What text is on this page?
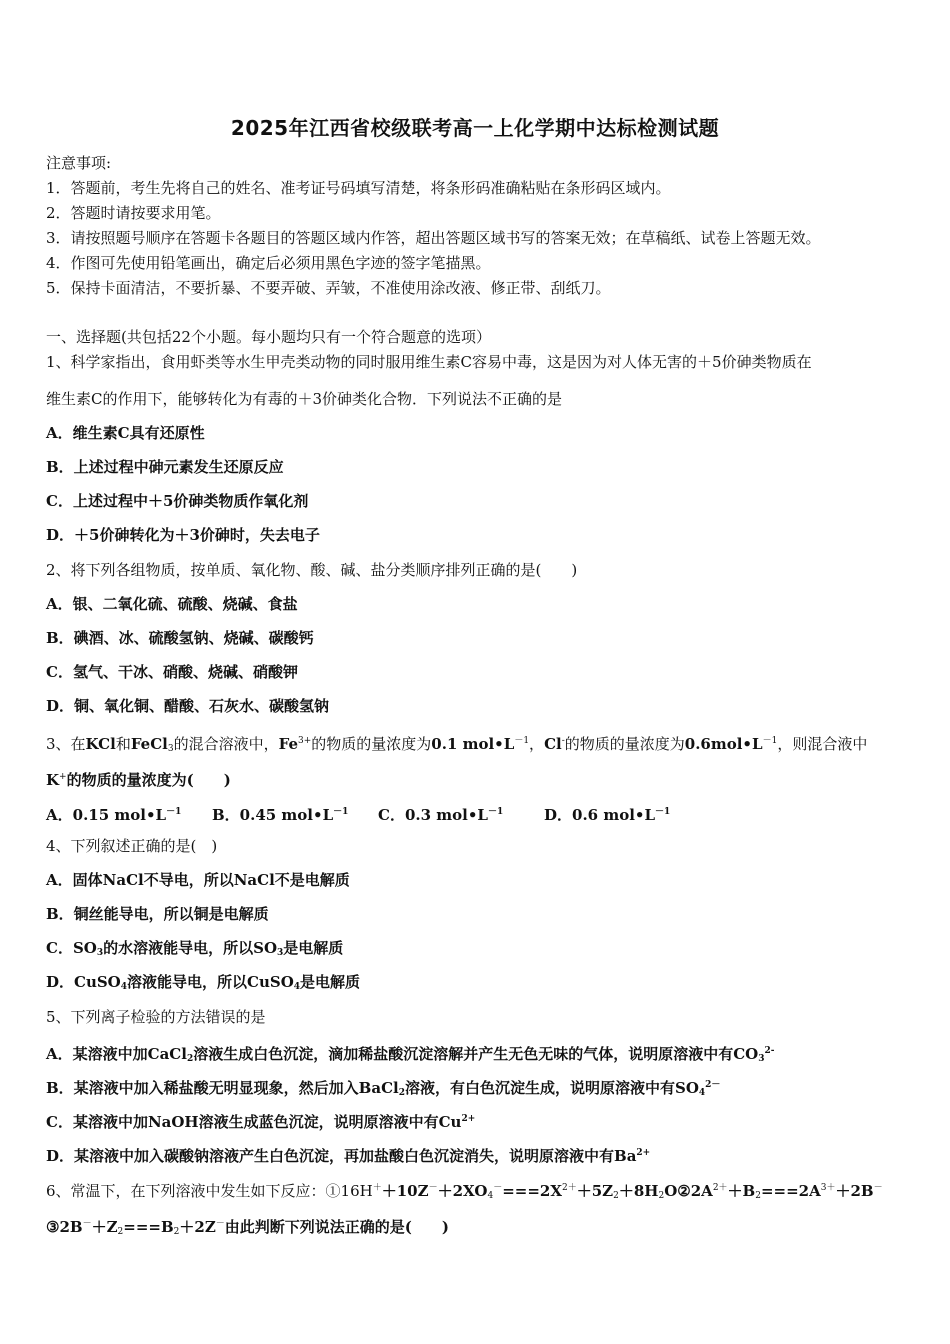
2025年江西省校级联考高一上化学期中达标检测试题
注意事项:
1．答题前，考生先将自己的姓名、准考证号码填写清楚，将条形码准确粘贴在条形码区域内。
2．答题时请按要求用笔。
3．请按照题号顺序在答题卡各题目的答题区域内作答，超出答题区域书写的答案无效；在草稿纸、试卷上答题无效。
4．作图可先使用铅笔画出，确定后必须用黑色字迹的签字笔描黑。
5．保持卡面清洁，不要折暴、不要弄破、弄皱，不准使用涂改液、修正带、刮纸刀。
一、选择题(共包括22个小题。每小题均只有一个符合题意的选项）
1、科学家指出，食用虾类等水生甲壳类动物的同时服用维生素C容易中毒，这是因为对人体无害的＋5价砷类物质在
维生素C的作用下，能够转化为有毒的＋3价砷类化合物．下列说法不正确的是
A．维生素C具有还原性
B．上述过程中砷元素发生还原反应
C．上述过程中＋5价砷类物质作氧化剂
D．＋5价砷转化为＋3价砷时，失去电子
2、将下列各组物质，按单质、氧化物、酸、碱、盐分类顺序排列正确的是(　　)
A．银、二氧化硫、硫酸、烧碱、食盐
B．碘酒、冰、硫酸氢钠、烧碱、碳酸钙
C．氢气、干冰、硝酸、烧碱、硝酸钾
D．铜、氧化铜、醋酸、石灰水、碳酸氢钠
3、在KCl和FeCl$_3$的混合溶液中，$Fe^{3+}$的物质的量浓度为0.1 $mol•L^{-1}$，Cl-的物质的量浓度为$0.6mol•L^{-1}$，则混合液中
K+的物质的量浓度为(　　)
A．0.15 $mol•L^{-1}$ B．0.45 $mol•L^{-1}$ C．0.3 $mol•L^{-1}$	D．0.6 $mol•L^{-1}$
4、下列叙述正确的是(　)
A．固体NaCl不导电，所以NaCl不是电解质
B．铜丝能导电，所以铜是电解质
C．$SO_3$的水溶液能导电，所以$SO_3$是电解质
D．CuSO$_4$溶液能导电，所以CuSO$_4$是电解质
5、下列离子检验的方法错误的是
A．某溶液中加CaCl$_2$溶液生成白色沉淀，滴加稀盐酸沉淀溶解并产生无色无味的气体，说明原溶液中有$CO_3^{2-}$
B．某溶液中加入稀盐酸无明显现象，然后加入BaCl$_2$溶液，有白色沉淀生成，说明原溶液中有$SO_4^{2-}$
C．某溶液中加NaOH溶液生成蓝色沉淀，说明原溶液中有$Cu^{2+}$
D．某溶液中加入碳酸钠溶液产生白色沉淀，再加盐酸白色沉淀消失，说明原溶液中有$Ba^{2+}$
6、常温下，在下列溶液中发生如下反应：$①16H^++10Z^-+2XO_4^-===2X^{2+}+5Z_2+8H_2O②2A^{2+}+B_2===2A^{3+}+2B^-$
$③2B^-+Z_2===B_2+2Z^-$由此判断下列说法正确的是(　　)
